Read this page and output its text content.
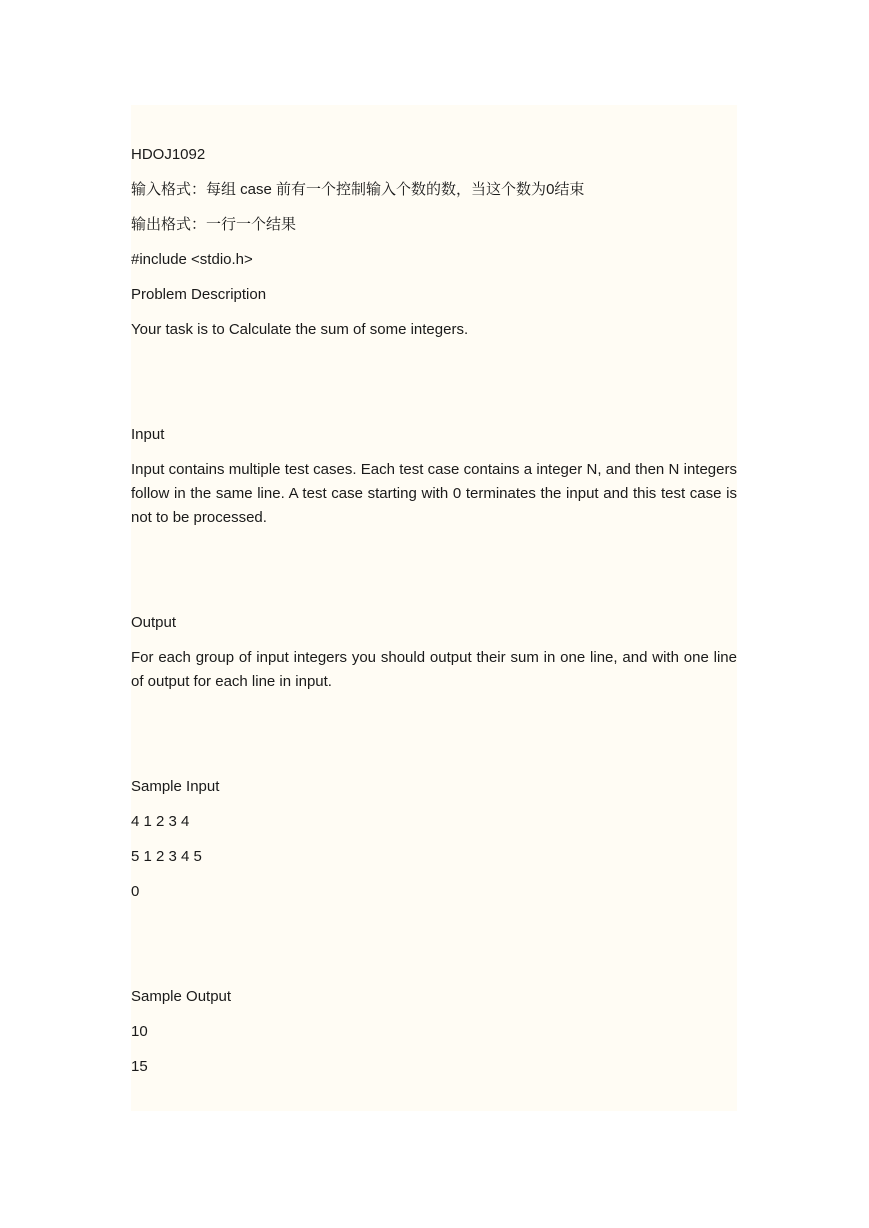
HDOJ1092
输入格式：每组 case 前有一个控制输入个数的数，当这个数为0结束
输出格式：一行一个结果
#include <stdio.h>
Problem Description
Your task is to Calculate the sum of some integers.
Input
Input contains multiple test cases. Each test case contains a integer N, and then N integers follow in the same line. A test case starting with 0 terminates the input and this test case is not to be processed.
Output
For each group of input integers you should output their sum in one line, and with one line of output for each line in input.
Sample Input
4 1 2 3 4
5 1 2 3 4 5
0
Sample Output
10
15
